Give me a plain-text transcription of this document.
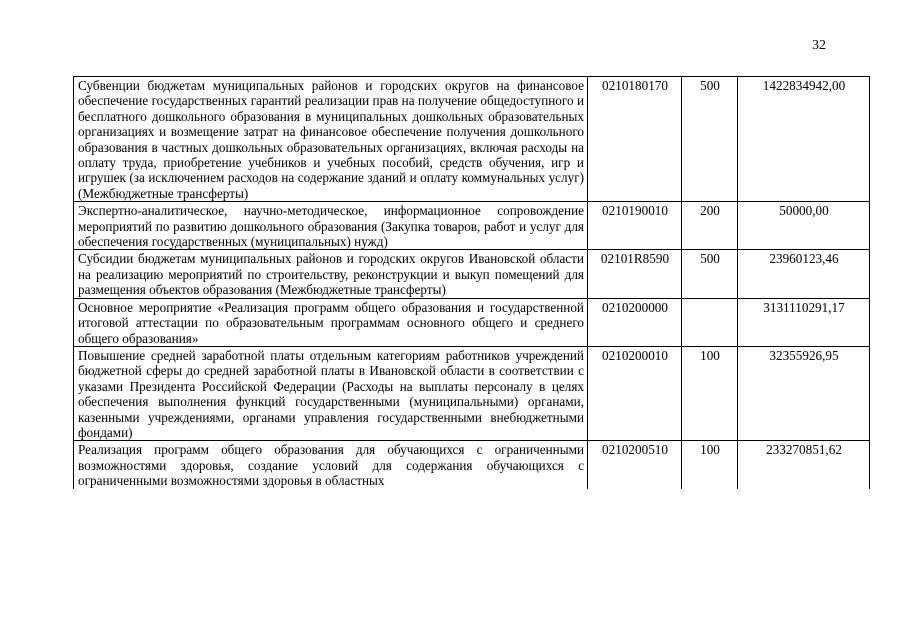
32
Субвенции бюджетам муниципальных районов и городских округов на финансовое обеспечение государственных гарантий реализации прав на получение общедоступного и бесплатного дошкольного образования в муниципальных дошкольных образовательных организациях и возмещение затрат на финансовое обеспечение получения дошкольного образования в частных дошкольных образовательных организациях, включая расходы на оплату труда, приобретение учебников и учебных пособий, средств обучения, игр и игрушек (за исключением расходов на содержание зданий и оплату коммунальных услуг) (Межбюджетные трансферты)	0210180170	500	1422834942,00
Экспертно-аналитическое, научно-методическое, информационное сопровождение мероприятий по развитию дошкольного образования (Закупка товаров, работ и услуг для обеспечения государственных (муниципальных) нужд)	0210190010	200	50000,00
Субсидии бюджетам муниципальных районов и городских округов Ивановской области на реализацию мероприятий по строительству, реконструкции и выкуп помещений для размещения объектов образования (Межбюджетные трансферты)	02101R8590	500	23960123,46
Основное мероприятие «Реализация программ общего образования и государственной итоговой аттестации по образовательным программам основного общего и среднего общего образования»	0210200000		3131110291,17
Повышение средней заработной платы отдельным категориям работников учреждений бюджетной сферы до средней заработной платы в Ивановской области в соответствии с указами Президента Российской Федерации (Расходы на выплаты персоналу в целях обеспечения выполнения функций государственными (муниципальными) органами, казенными учреждениями, органами управления государственными внебюджетными фондами)	0210200010	100	32355926,95
Реализация программ общего образования для обучающихся с ограниченными возможностями здоровья, создание условий для содержания обучающихся с ограниченными возможностями здоровья в областных	0210200510	100	233270851,62
